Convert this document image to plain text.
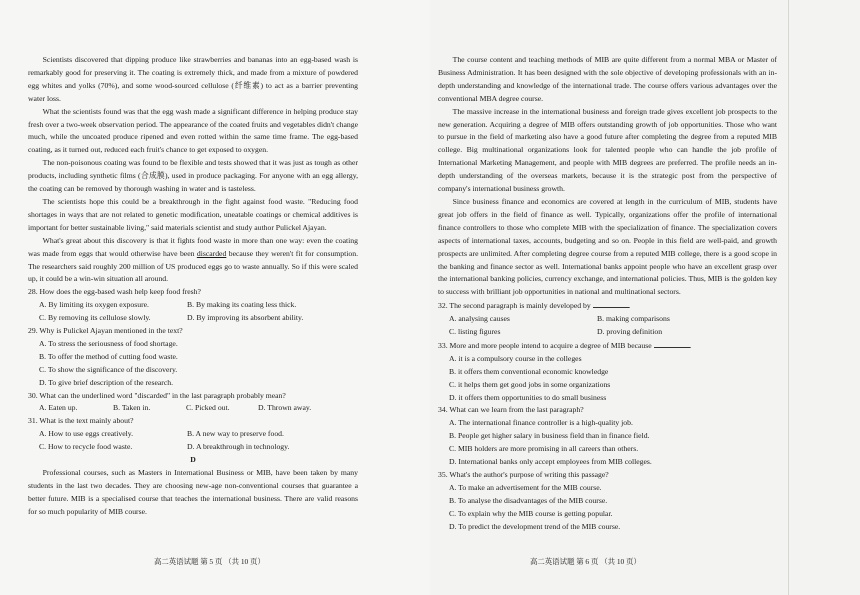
Scientists discovered that dipping produce like strawberries and bananas into an egg-based wash is remarkably good for preserving it. The coating is extremely thick, and made from a mixture of powdered egg whites and yolks (70%), and some wood-sourced cellulose (纤维素) to act as a barrier preventing water loss.

What the scientists found was that the egg wash made a significant difference in helping produce stay fresh over a two-week observation period. The appearance of the coated fruits and vegetables didn't change much, while the uncoated produce ripened and even rotted within the same time frame. The egg-based coating, as it turned out, reduced each fruit's chance to get exposed to oxygen.

The non-poisonous coating was found to be flexible and tests showed that it was just as tough as other products, including synthetic films (合成膜), used in produce packaging. For anyone with an egg allergy, the coating can be removed by thorough washing in water and is tasteless.

The scientists hope this could be a breakthrough in the fight against food waste. "Reducing food shortages in ways that are not related to genetic modification, uneatable coatings or chemical additives is important for better sustainable living," said materials scientist and study author Pulickel Ajayan.

What's great about this discovery is that it fights food waste in more than one way: even the coating was made from eggs that would otherwise have been discarded because they weren't fit for consumption. The researchers said roughly 200 million of US produced eggs go to waste annually. So if this were scaled up, it could be a win-win situation all around.

28. How does the egg-based wash help keep food fresh?

A. By limiting its oxygen exposure.	B. By making its coating less thick.
C. By removing its cellulose slowly.	D. By improving its absorbent ability.

29. Why is Pulickel Ajayan mentioned in the text?

A. To stress the seriousness of food shortage.
B. To offer the method of cutting food waste.
C. To show the significance of the discovery.
D. To give brief description of the research.

30. What can the underlined word "discarded" in the last paragraph probably mean?

A. Eaten up.	B. Taken in.	C. Picked out.	D. Thrown away.

31. What is the text mainly about?

A. How to use eggs creatively.	B. A new way to preserve food.
C. How to recycle food waste.	D. A breakthrough in technology.

D

Professional courses, such as Masters in International Business or MIB, have been taken by many students in the last two decades. They are choosing new-age non-conventional courses that guarantee a better future. MIB is a specialised course that teaches the international business. There are valid reasons for so much popularity of MIB course.

高二英语试题 第 5 页 （共 10 页）

The course content and teaching methods of MIB are quite different from a normal MBA or Master of Business Administration. It has been designed with the sole objective of developing professionals with an in-depth understanding and knowledge of the international trade. The course offers various advantages over the conventional MBA degree course.

The massive increase in the international business and foreign trade gives excellent job prospects to the new generation. Acquiring a degree of MIB offers outstanding growth of job opportunities. Those who want to pursue in the field of marketing also have a good future after completing the degree from a reputed MIB college. Big multinational organizations look for talented people who can handle the job profile of International Marketing Management, and people with MIB degrees are preferred. The profile needs an in-depth understanding of the overseas markets, because it is the strategic post from the perspective of company's international business growth.

Since business finance and economics are covered at length in the curriculum of MIB, students have great job offers in the field of finance as well. Typically, organizations offer the profile of international finance controllers to those who complete MIB with the specialization of finance. The specialization covers aspects of international taxes, accounts, budgeting and so on. People in this field are well-paid, and growth prospects are unlimited. After completing degree course from a reputed MIB college, there is a good scope in the banking and finance sector as well. International banks appoint people who have an excellent grasp over the international banking policies, currency exchange, and international policies. Thus, MIB is the golden key to success with brilliant job opportunities in national and multinational sectors.

32. The second paragraph is mainly developed by	.

A. analysing causes	B. making comparisons
C. listing figures	D. proving definition

33. More and more people intend to acquire a degree of MIB because	.

A. it is a compulsory course in the colleges
B. it offers them conventional economic knowledge
C. it helps them get good jobs in some organizations
D. it offers them opportunities to do small business

34. What can we learn from the last paragraph?

A. The international finance controller is a high-quality job.
B. People get higher salary in business field than in finance field.
C. MIB holders are more promising in all careers than others.
D. International banks only accept employees from MIB colleges.

35. What's the author's purpose of writing this passage?

A. To make an advertisement for the MIB course.
B. To analyse the disadvantages of the MIB course.
C. To explain why the MIB course is getting popular.
D. To predict the development trend of the MIB course.
高二英语试题 第 6 页 （共 10 页）
